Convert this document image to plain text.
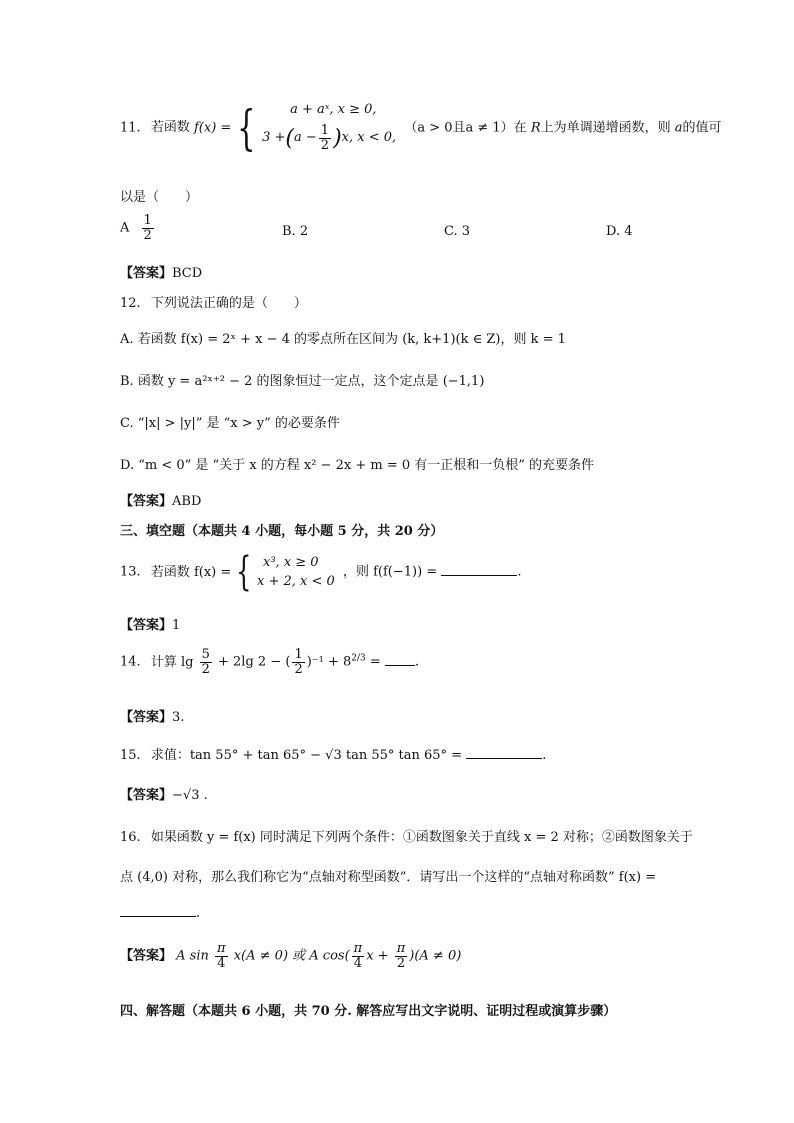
11. 若函数 f(x) = {	a + aˣ, x ≥ 0,
3 + ( $a - \frac{1}{2}$ ) x, x < 0,
（a > 0且a ≠ 1）在 R上为单调递增函数，则 a的值可
以是（　　）
A $\frac{1}{2}$	B. 2	C. 3	D. 4
【答案】BCD
12. 下列说法正确的是（　　）
A. 若函数 f(x) = 2ˣ + x − 4 的零点所在区间为 (k, k+1)(k ∈ Z)，则 k = 1
B. 函数 y = a²ˣ⁺² − 2 的图象恒过一定点，这个定点是 (−1,1)
C. “|x| > |y|” 是 “x > y” 的必要条件
D. “m < 0” 是 “关于 x 的方程 x² − 2x + m = 0 有一正根和一负根” 的充要条件
【答案】ABD
三、填空题（本题共 4 小题，每小题 5 分，共 20 分）
13. 若函数 f(x) = { x³, x ≥ 0
x + 2, x < 0
，则 f(f(−1)) =	.
【答案】1
14. 计算 $\lg \frac{5}{2} + 2\lg$ 2 − ( $\frac{1}{2} )^{-1} + 8^{2/3}$ =	.
【答案】3.
15. 求值：tan 55° + tan 65° − √3 tan 55° tan 65° =	.
【答案】−√3 .
16. 如果函数 y = f(x) 同时满足下列两个条件：①函数图象关于直线 x = 2 对称；②函数图象关于
点 (4,0) 对称，那么我们称它为“点轴对称型函数”．请写出一个这样的“点轴对称函数” f(x) =
.
【答案】 A $\sin \frac{\pi}{4} x(A \ne 0)$ 或 A $\cos( \frac{\pi}{4}$ $x + \frac{\pi}{2} )(A \ne 0)$
四、解答题（本题共 6 小题，共 70 分. 解答应写出文字说明、证明过程或演算步骤）
